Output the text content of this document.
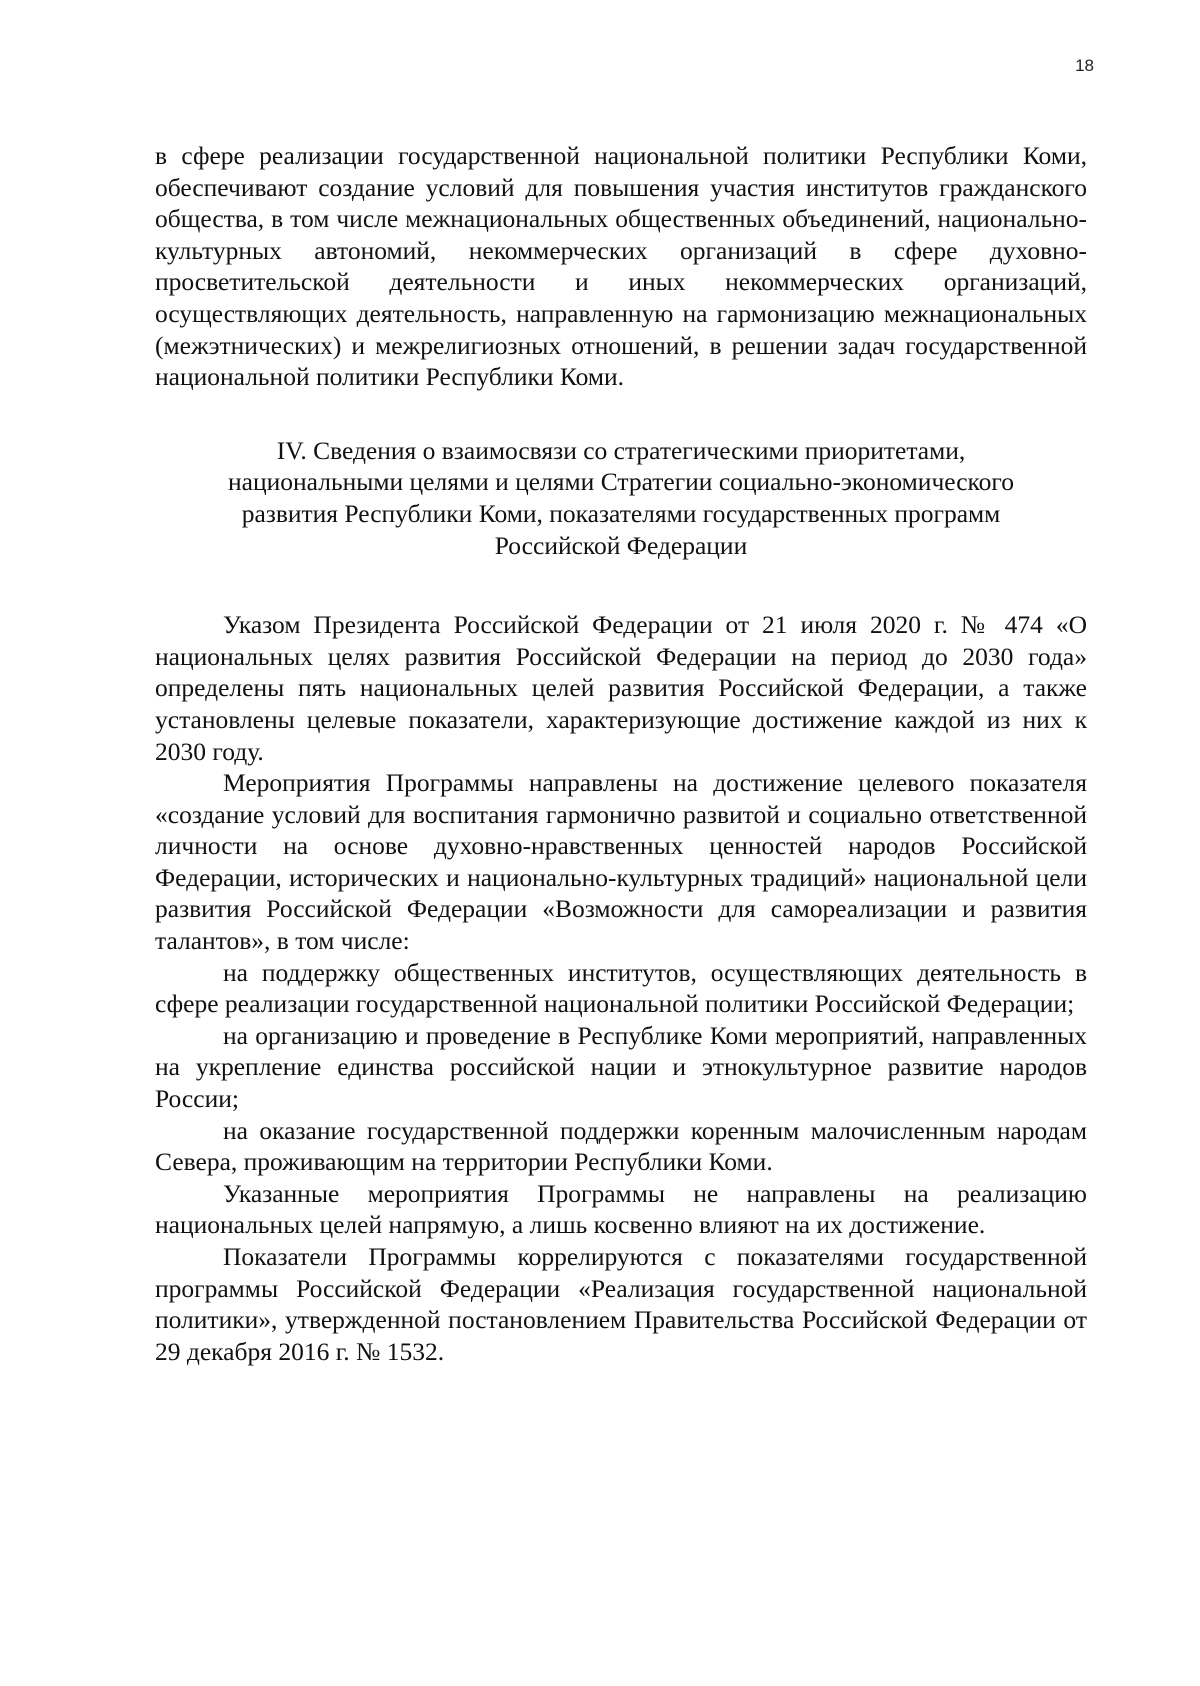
18

в сфере реализации государственной национальной политики Республики Коми, обеспечивают создание условий для повышения участия институтов гражданского общества, в том числе межнациональных общественных объединений, национально-культурных автономий, некоммерческих организаций в сфере духовно-просветительской деятельности и иных некоммерческих организаций, осуществляющих деятельность, направленную на гармонизацию межнациональных (межэтнических) и межрелигиозных отношений, в решении задач государственной национальной политики Республики Коми.

IV. Сведения о взаимосвязи со стратегическими приоритетами,
национальными целями и целями Стратегии социально-экономического
развития Республики Коми, показателями государственных программ
Российской Федерации

Указом Президента Российской Федерации от 21 июля 2020 г. № 474 «О национальных целях развития Российской Федерации на период до 2030 года» определены пять национальных целей развития Российской Федерации, а также установлены целевые показатели, характеризующие достижение каждой из них к 2030 году.

Мероприятия Программы направлены на достижение целевого показателя «создание условий для воспитания гармонично развитой и социально ответственной личности на основе духовно-нравственных ценностей народов Российской Федерации, исторических и национально-культурных традиций» национальной цели развития Российской Федерации «Возможности для самореализации и развития талантов», в том числе:

на поддержку общественных институтов, осуществляющих деятельность в сфере реализации государственной национальной политики Российской Федерации;

на организацию и проведение в Республике Коми мероприятий, направленных на укрепление единства российской нации и этнокультурное развитие народов России;

на оказание государственной поддержки коренным малочисленным народам Севера, проживающим на территории Республики Коми.

Указанные мероприятия Программы не направлены на реализацию национальных целей напрямую, а лишь косвенно влияют на их достижение.

Показатели Программы коррелируются с показателями государственной программы Российской Федерации «Реализация государственной национальной политики», утвержденной постановлением Правительства Российской Федерации от 29 декабря 2016 г. № 1532.
